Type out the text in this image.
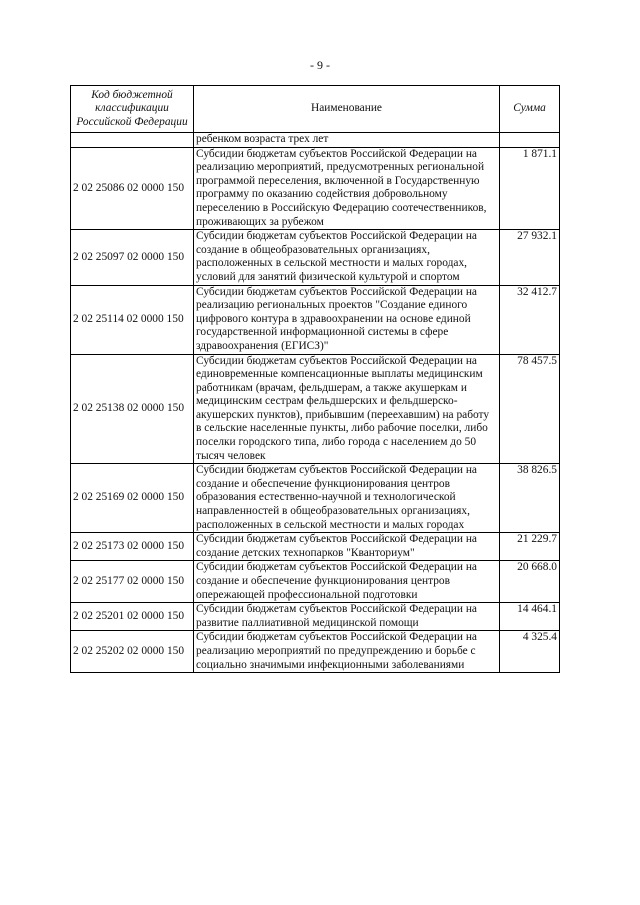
- 9 -
Код бюджетной классификации Российской Федерации	Наименование	Сумма
	ребенком возраста трех лет	
2 02 25086 02 0000 150	Субсидии бюджетам субъектов Российской Федерации на реализацию мероприятий, предусмотренных региональной программой переселения, включенной в Государственную программу по оказанию содействия добровольному переселению в Российскую Федерацию соотечественников, проживающих за рубежом	1 871.1
2 02 25097 02 0000 150	Субсидии бюджетам субъектов Российской Федерации на создание в общеобразовательных организациях, расположенных в сельской местности и малых городах, условий для занятий физической культурой и спортом	27 932.1
2 02 25114 02 0000 150	Субсидии бюджетам субъектов Российской Федерации на реализацию региональных проектов "Создание единого цифрового контура в здравоохранении на основе единой государственной информационной системы в сфере здравоохранения (ЕГИСЗ)"	32 412.7
2 02 25138 02 0000 150	Субсидии бюджетам субъектов Российской Федерации на единовременные компенсационные выплаты медицинским работникам (врачам, фельдшерам, а также акушеркам и медицинским сестрам фельдшерских и фельдшерско-акушерских пунктов), прибывшим (переехавшим) на работу в сельские населенные пункты, либо рабочие поселки, либо поселки городского типа, либо города с населением до 50 тысяч человек	78 457.5
2 02 25169 02 0000 150	Субсидии бюджетам субъектов Российской Федерации на создание и обеспечение функционирования центров образования естественно-научной и технологической направленностей в общеобразовательных организациях, расположенных в сельской местности и малых городах	38 826.5
2 02 25173 02 0000 150	Субсидии бюджетам субъектов Российской Федерации на создание детских технопарков "Кванториум"	21 229.7
2 02 25177 02 0000 150	Субсидии бюджетам субъектов Российской Федерации на создание и обеспечение функционирования центров опережающей профессиональной подготовки	20 668.0
2 02 25201 02 0000 150	Субсидии бюджетам субъектов Российской Федерации на развитие паллиативной медицинской помощи	14 464.1
2 02 25202 02 0000 150	Субсидии бюджетам субъектов Российской Федерации на реализацию мероприятий по предупреждению и борьбе с социально значимыми инфекционными заболеваниями	4 325.4
